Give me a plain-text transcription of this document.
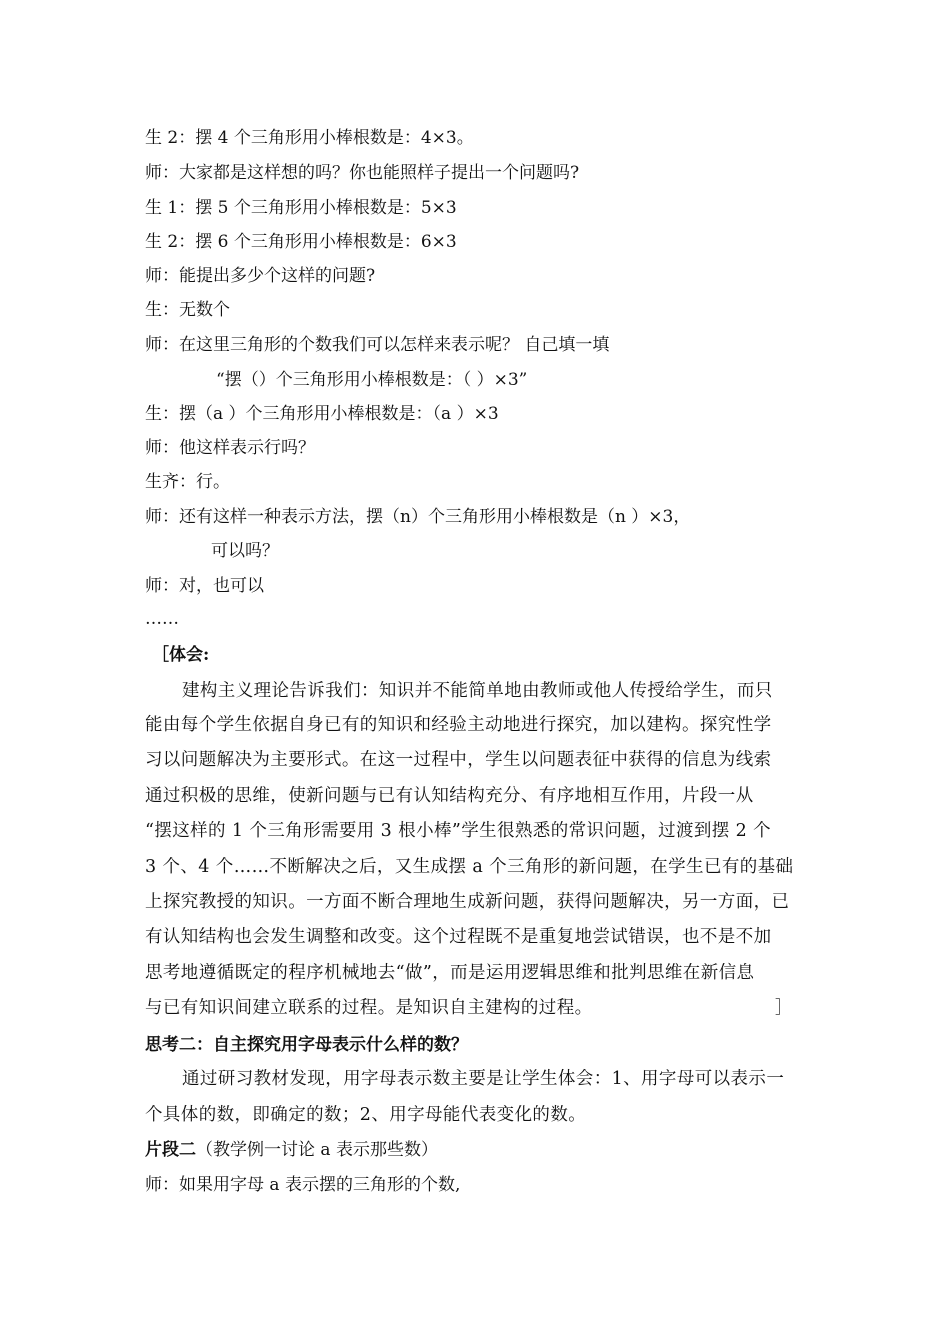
生 2：摆 4 个三角形用小棒根数是：4×3。
师：大家都是这样想的吗？你也能照样子提出一个问题吗?
生 1：摆 5 个三角形用小棒根数是：5×3
生 2：摆 6 个三角形用小棒根数是：6×3
师：能提出多少个这样的问题?
生：无数个
师：在这里三角形的个数我们可以怎样来表示呢？ 自己填一填
“摆（）个三角形用小棒根数是：（ ）×3”
生：摆（a ）个三角形用小棒根数是：（a ）×3
师：他这样表示行吗？
生齐：行。
师：还有这样一种表示方法，摆（n）个三角形用小棒根数是（n ）×3，
可以吗？
师：对，也可以
……
［体会:
建构主义理论告诉我们：知识并不能简单地由教师或他人传授给学生，而只
能由每个学生依据自身已有的知识和经验主动地进行探究，加以建构。探究性学
习以问题解决为主要形式。在这一过程中，学生以问题表征中获得的信息为线索
通过积极的思维，使新问题与已有认知结构充分、有序地相互作用，片段一从
“摆这样的 1 个三角形需要用 3 根小棒”学生很熟悉的常识问题，过渡到摆 2 个
3 个、4 个……不断解决之后，又生成摆 a 个三角形的新问题，在学生已有的基础
上探究教授的知识。一方面不断合理地生成新问题，获得问题解决，另一方面，已
有认知结构也会发生调整和改变。这个过程既不是重复地尝试错误，也不是不加
思考地遵循既定的程序机械地去“做”，而是运用逻辑思维和批判思维在新信息
与已有知识间建立联系的过程。是知识自主建构的过程。	］
思考二：自主探究用字母表示什么样的数？
通过研习教材发现，用字母表示数主要是让学生体会：1、用字母可以表示一
个具体的数，即确定的数；2、用字母能代表变化的数。
片段二（教学例一讨论 a 表示那些数）
师：如果用字母 a 表示摆的三角形的个数,
